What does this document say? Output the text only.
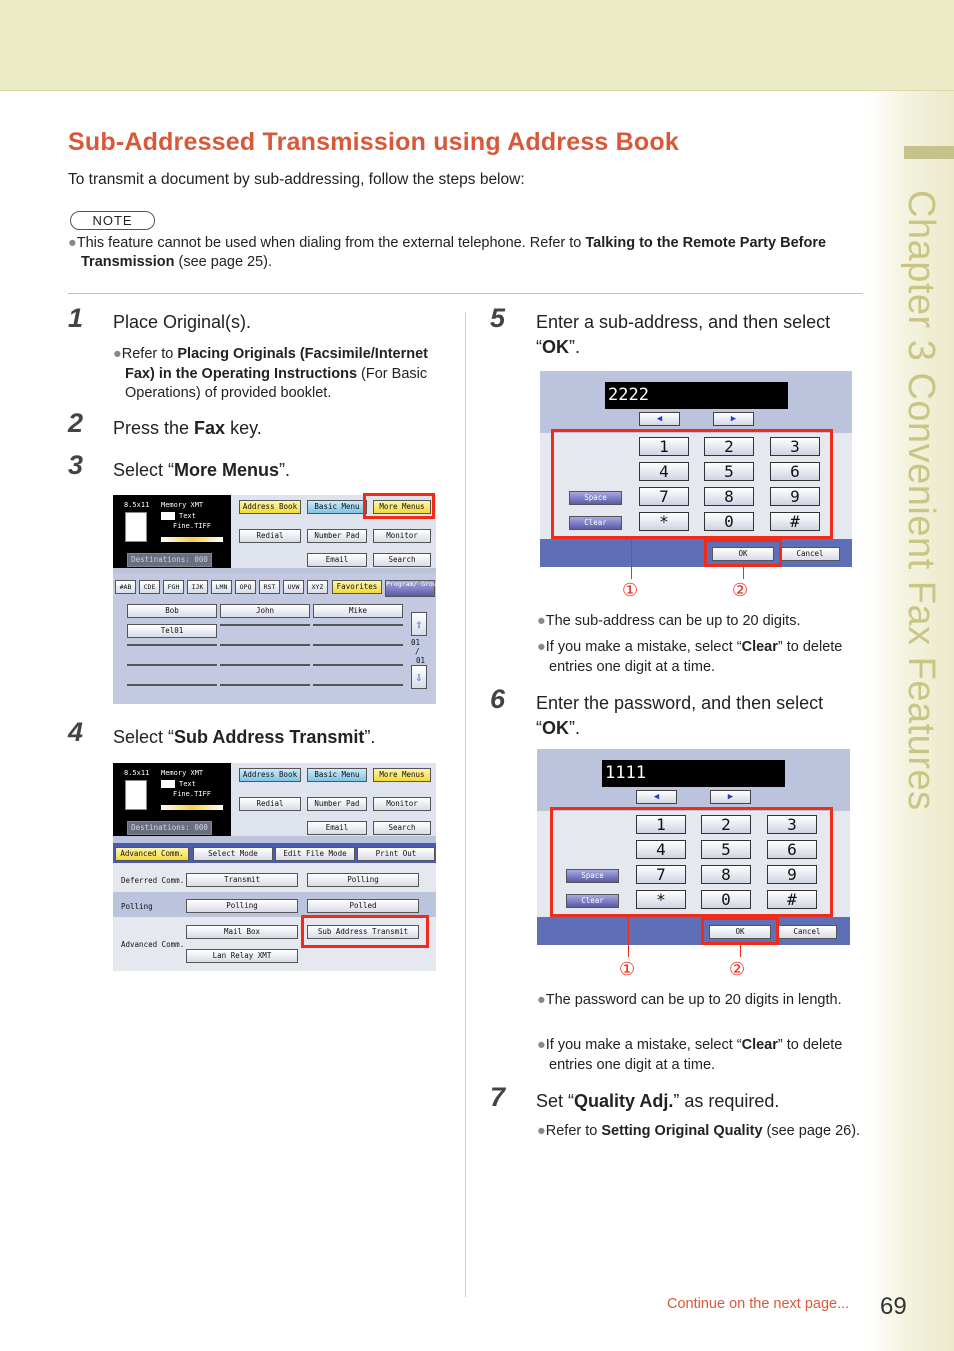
Chapter 3 Convenient Fax Features
Sub-Addressed Transmission using Address Book
To transmit a document by sub-addressing, follow the steps below:
NOTE
●This feature cannot be used when dialing from the external telephone. Refer to Talking to the Remote Party Before Transmission (see page 25).
1 Place Original(s).
●Refer to Placing Originals (Facsimile/Internet Fax) in the Operating Instructions (For Basic Operations) of provided booklet.
2 Press the Fax key.
3 Select “More Menus”.
8.5x11 Memory XMT
Text
Fine.TIFF
Destinations: 000
Address Book	Basic Menu	More Menus
Redial	Number Pad	Monitor
Email	Search
Favorites	Program/ Group
Bob	John	Mike
Tel01	⇧
01
/
01
⇩
#AB	CDE	FGH	IJK	LMN	OPQ	RST	UVW	XYZ
4 Select “Sub Address Transmit”.
8.5x11 Memory XMT
Text
Fine.TIFF
Destinations: 000
Address Book	Basic Menu	More Menus
Redial	Number Pad	Monitor
Email	Search
Advanced Comm.	Select Mode	Edit File Mode	Print Out
Deferred Comm.	Transmit	Polling
Polling	Polling	Polled
Advanced Comm.
Mail Box	Sub Address Transmit
Lan Relay XMT
5 Enter a sub-address, and then select “OK”.
2222
◀	▶
1	2	3
4	5	6
7	8	9
*	0	#
Space
Clear
OK	Cancel
①	②
●The sub-address can be up to 20 digits.
●If you make a mistake, select “Clear” to delete entries one digit at a time.
6 Enter the password, and then select “OK”.
1111
◀	▶
1	2	3
4	5	6
7	8	9
*	0	#
Space
Clear
OK	Cancel
①	②
●The password can be up to 20 digits in length.
●If you make a mistake, select “Clear” to delete entries one digit at a time.
7 Set “Quality Adj.” as required.
●Refer to Setting Original Quality (see page 26).
Continue on the next page... 69
